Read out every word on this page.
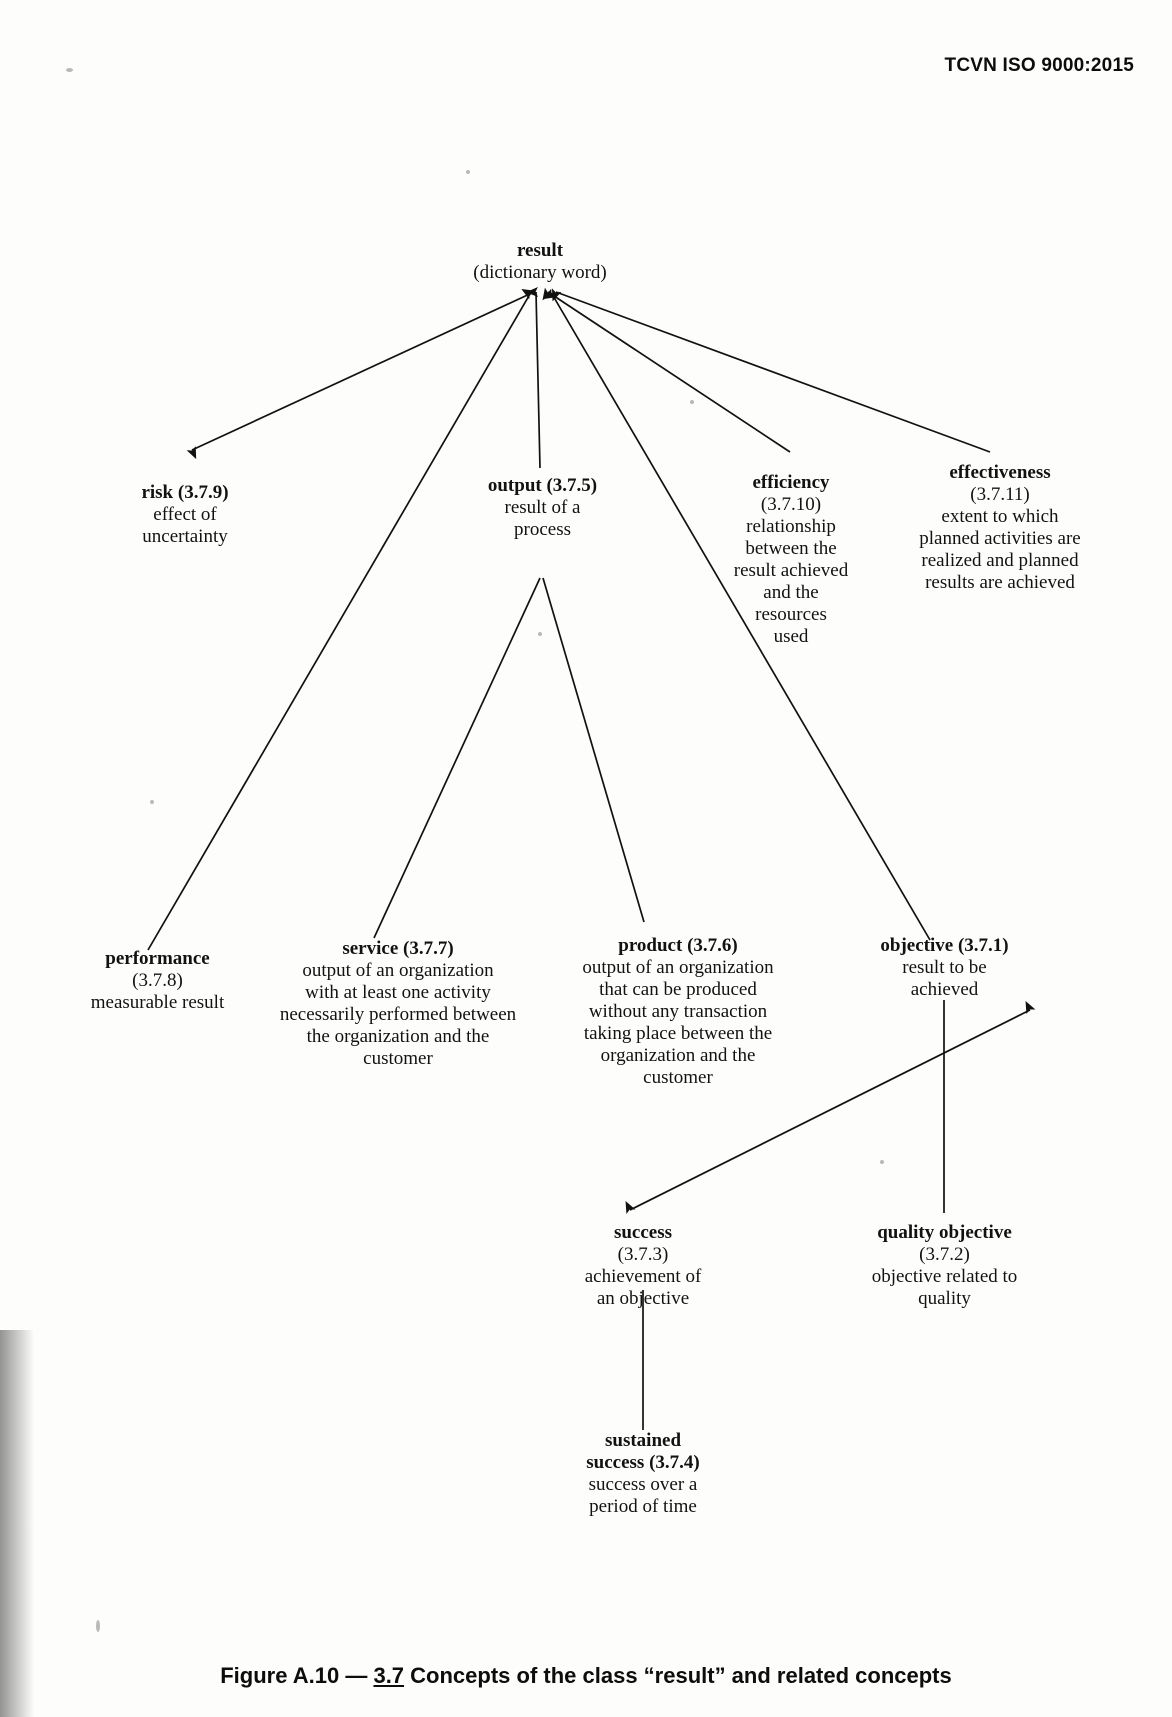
TCVN ISO 9000:2015
result
(dictionary word)
risk (3.7.9)
effect of
uncertainty
output (3.7.5)
result of a
process
efficiency
(3.7.10)
relationship
between the
result achieved
and the
resources
used
effectiveness
(3.7.11)
extent to which
planned activities are
realized and planned
results are achieved
performance
(3.7.8)
measurable result
service (3.7.7)
output of an organization
with at least one activity
necessarily performed between
the organization and the
customer
product (3.7.6)
output of an organization
that can be produced
without any transaction
taking place between the
organization and the
customer
objective (3.7.1)
result to be
achieved
success
(3.7.3)
achievement of
an objective
quality objective
(3.7.2)
objective related to
quality
sustained
success (3.7.4)
success over a
period of time
Figure A.10 — 3.7 Concepts of the class “result” and related concepts
